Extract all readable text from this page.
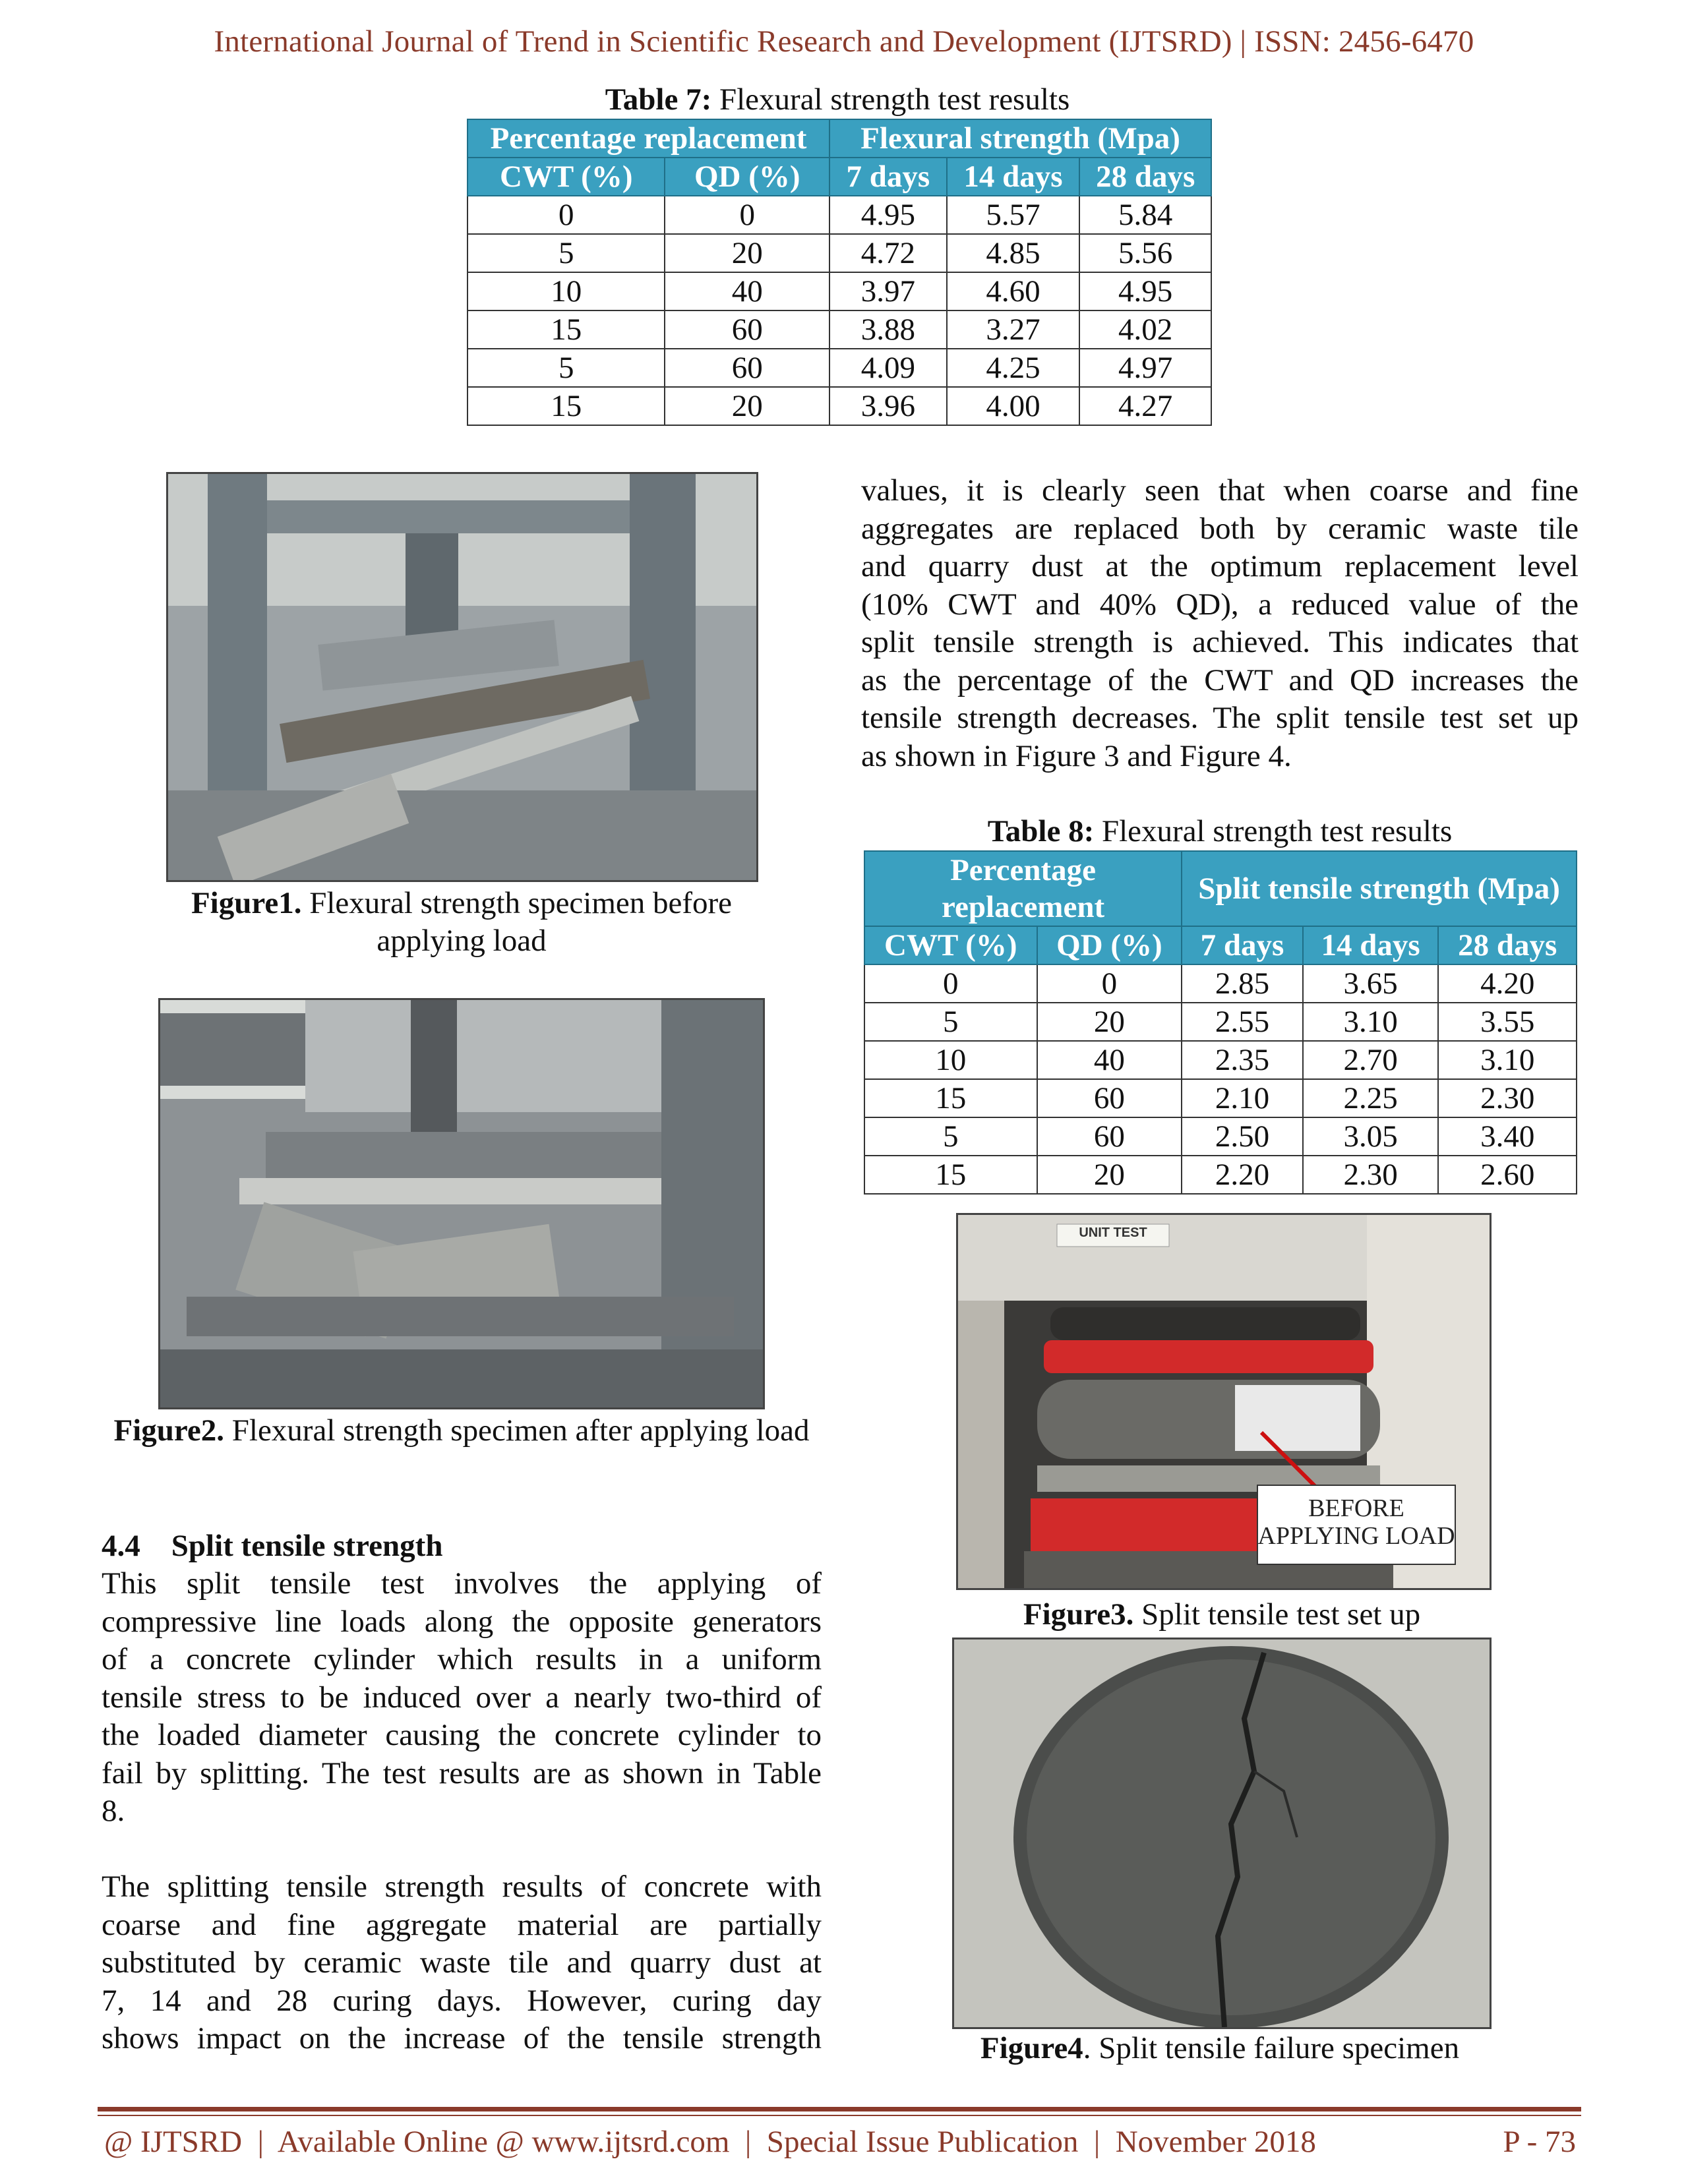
International Journal of Trend in Scientific Research and Development (IJTSRD) | ISSN: 2456-6470
Table 7: Flexural strength test results
Percentage replacement		Flexural strength (Mpa)		
CWT (%)	QD (%)	7 days	14 days	28 days
0	0	4.95	5.57	5.84
5	20	4.72	4.85	5.56
10	40	3.97	4.60	4.95
15	60	3.88	3.27	4.02
5	60	4.09	4.25	4.97
15	20	3.96	4.00	4.27
Figure1. Flexural strength specimen before applying load
Figure2. Flexural strength specimen after applying load
4.4 Split tensile strength
This split tensile test involves the applying of
compressive line loads along the opposite generators
of a concrete cylinder which results in a uniform
tensile stress to be induced over a nearly two-third of
the loaded diameter causing the concrete cylinder to
fail by splitting. The test results are as shown in Table
8.
The splitting tensile strength results of concrete with
coarse and fine aggregate material are partially
substituted by ceramic waste tile and quarry dust at
7, 14 and 28 curing days. However, curing day
shows impact on the increase of the tensile strength
values, it is clearly seen that when coarse and fine
aggregates are replaced both by ceramic waste tile
and quarry dust at the optimum replacement level
(10% CWT and 40% QD), a reduced value of the
split tensile strength is achieved. This indicates that
as the percentage of the CWT and QD increases the
tensile strength decreases. The split tensile test set up
as shown in Figure 3 and Figure 4.
Table 8: Flexural strength test results
Percentage replacement		Split tensile strength (Mpa)		
CWT (%)	QD (%)	7 days	14 days	28 days
0	0	2.85	3.65	4.20
5	20	2.55	3.10	3.55
10	40	2.35	2.70	3.10
15	60	2.10	2.25	2.30
5	60	2.50	3.05	3.40
15	20	2.20	2.30	2.60
UNIT TEST
BEFORE
APPLYING LOAD
Figure3. Split tensile test set up
Figure4. Split tensile failure specimen
@ IJTSRD  |  Available Online @ www.ijtsrd.com  |  Special Issue Publication  |  November 2018	P - 73
